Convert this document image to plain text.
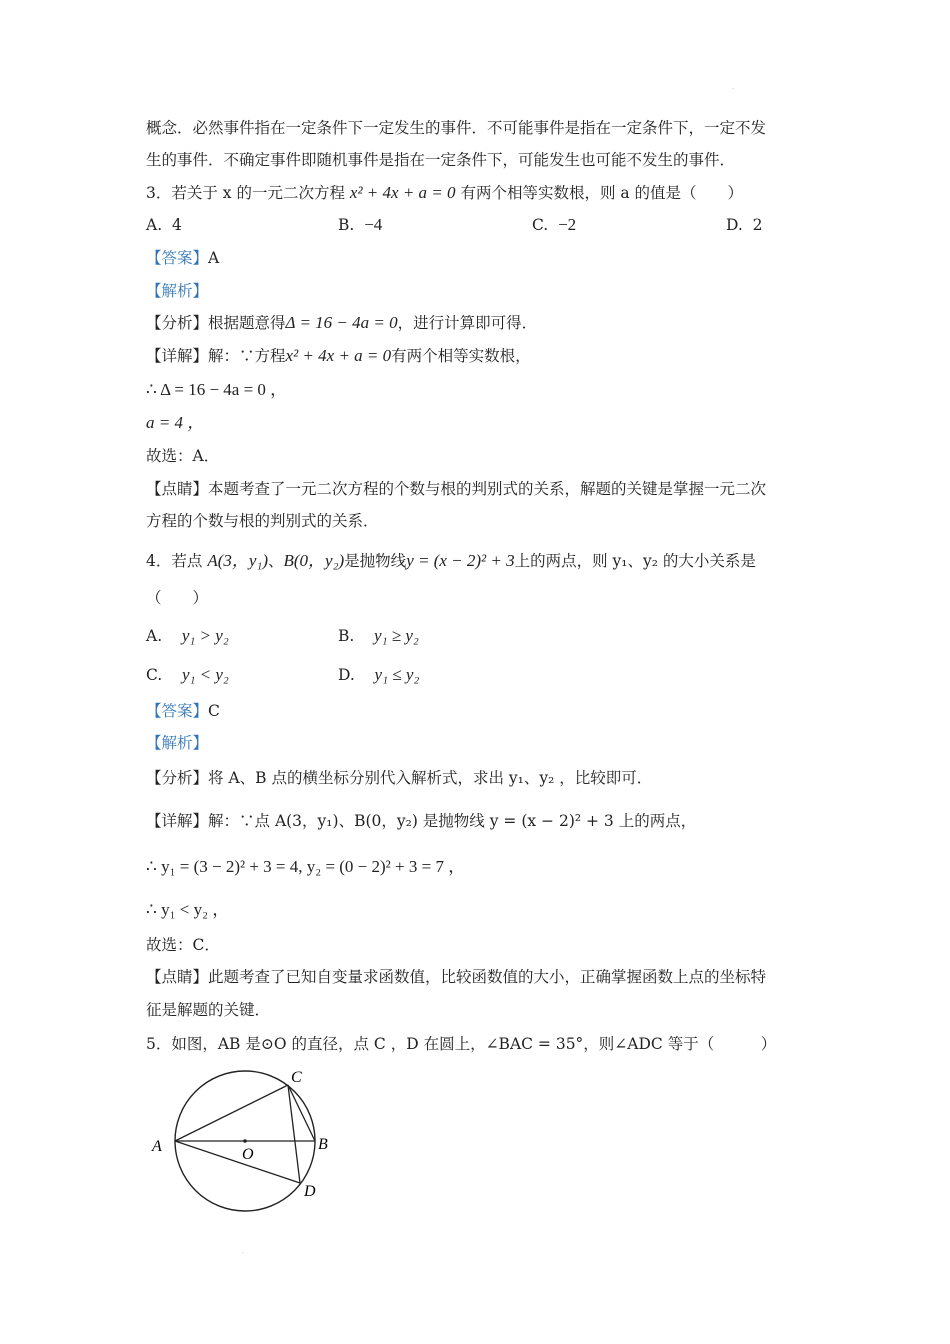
·
概念．必然事件指在一定条件下一定发生的事件．不可能事件是指在一定条件下，一定不发
生的事件．不确定事件即随机事件是指在一定条件下，可能发生也可能不发生的事件．
3．若关于 x 的一元二次方程 x² + 4x + a = 0 有两个相等实数根，则 a 的值是（　　）
A. 4	B. −4	C. −2	D. 2
【答案】A
【解析】
【分析】根据题意得Δ = 16 − 4a = 0，进行计算即可得．
【详解】解：∵方程x² + 4x + a = 0有两个相等实数根，
∴ Δ = 16 − 4a = 0 ，
a = 4 ，
故选：A．
【点睛】本题考查了一元二次方程的个数与根的判别式的关系，解题的关键是掌握一元二次
方程的个数与根的判别式的关系．
4．若点 A(3，y₁)、B(0，y₂)是抛物线y = (x − 2)² + 3上的两点，则 y₁、y₂ 的大小关系是
（　　）
A. y₁ > y₂	B. y₁ ≥ y₂
C. y₁ < y₂	D. y₁ ≤ y₂
【答案】C
【解析】
【分析】将 A、B 点的横坐标分别代入解析式，求出 y₁、y₂ ，比较即可．
【详解】解：∵点 A(3，y₁)、B(0，y₂) 是抛物线 y = (x − 2)² + 3 上的两点，
∴ y₁ = (3 − 2)² + 3 = 4, y₂ = (0 − 2)² + 3 = 7 ，
∴ y₁ < y₂ ，
故选：C．
【点睛】此题考查了已知自变量求函数值，比较函数值的大小，正确掌握函数上点的坐标特
征是解题的关键．
5．如图，AB 是⊙O 的直径，点 C ，D 在圆上，∠BAC = 35°，则∠ADC 等于（　　　）
A	B
C
D
O
·
